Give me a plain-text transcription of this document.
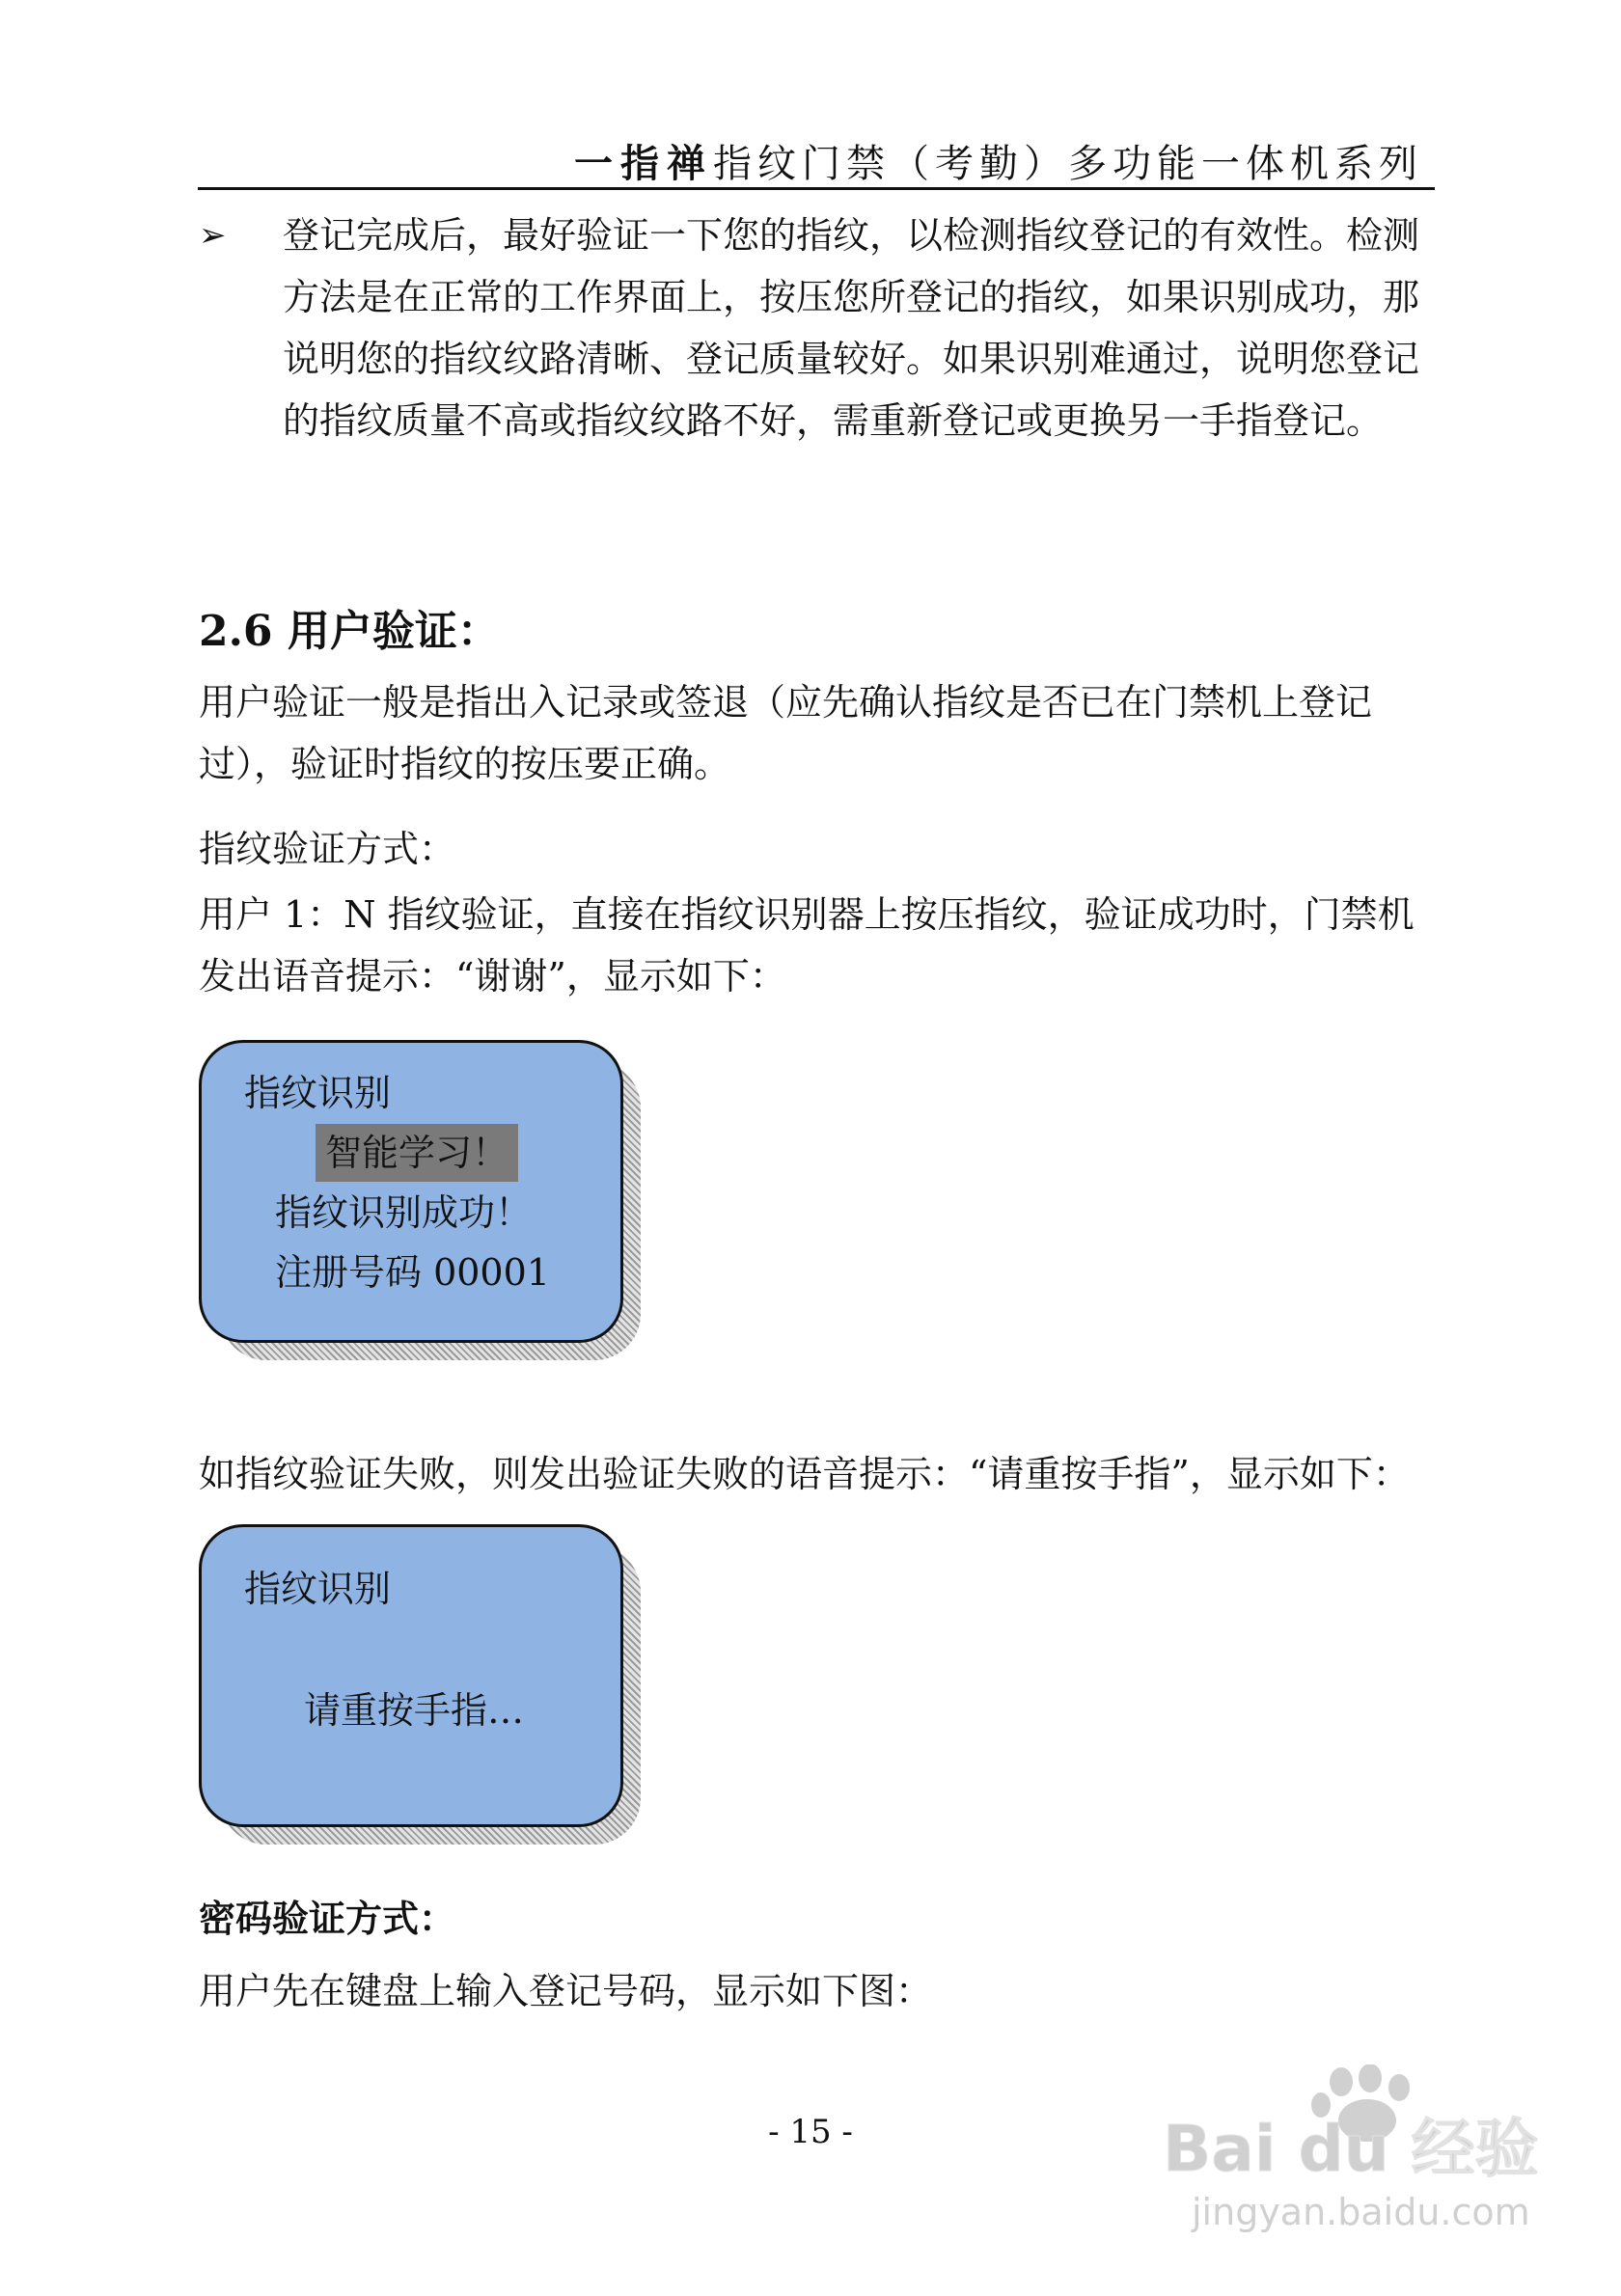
一指禅指纹门禁（考勤）多功能一体机系列
➢ 登记完成后，最好验证一下您的指纹，以检测指纹登记的有效性。检测方法是在正常的工作界面上，按压您所登记的指纹，如果识别成功，那说明您的指纹纹路清晰、登记质量较好。如果识别难通过，说明您登记的指纹质量不高或指纹纹路不好，需重新登记或更换另一手指登记。

2.6 用户验证：

用户验证一般是指出入记录或签退（应先确认指纹是否已在门禁机上登记过），验证时指纹的按压要正确。

指纹验证方式：

用户 1：N 指纹验证，直接在指纹识别器上按压指纹，验证成功时，门禁机发出语音提示：“谢谢”，显示如下：

指纹识别
智能学习！
指纹识别成功！
注册号码 00001

如指纹验证失败，则发出验证失败的语音提示：“请重按手指”，显示如下：

指纹识别
请重按手指…
密码验证方式：

用户先在键盘上输入登记号码，显示如下图：

- 15 -	Bai du 经验
jingyan.baidu.com
